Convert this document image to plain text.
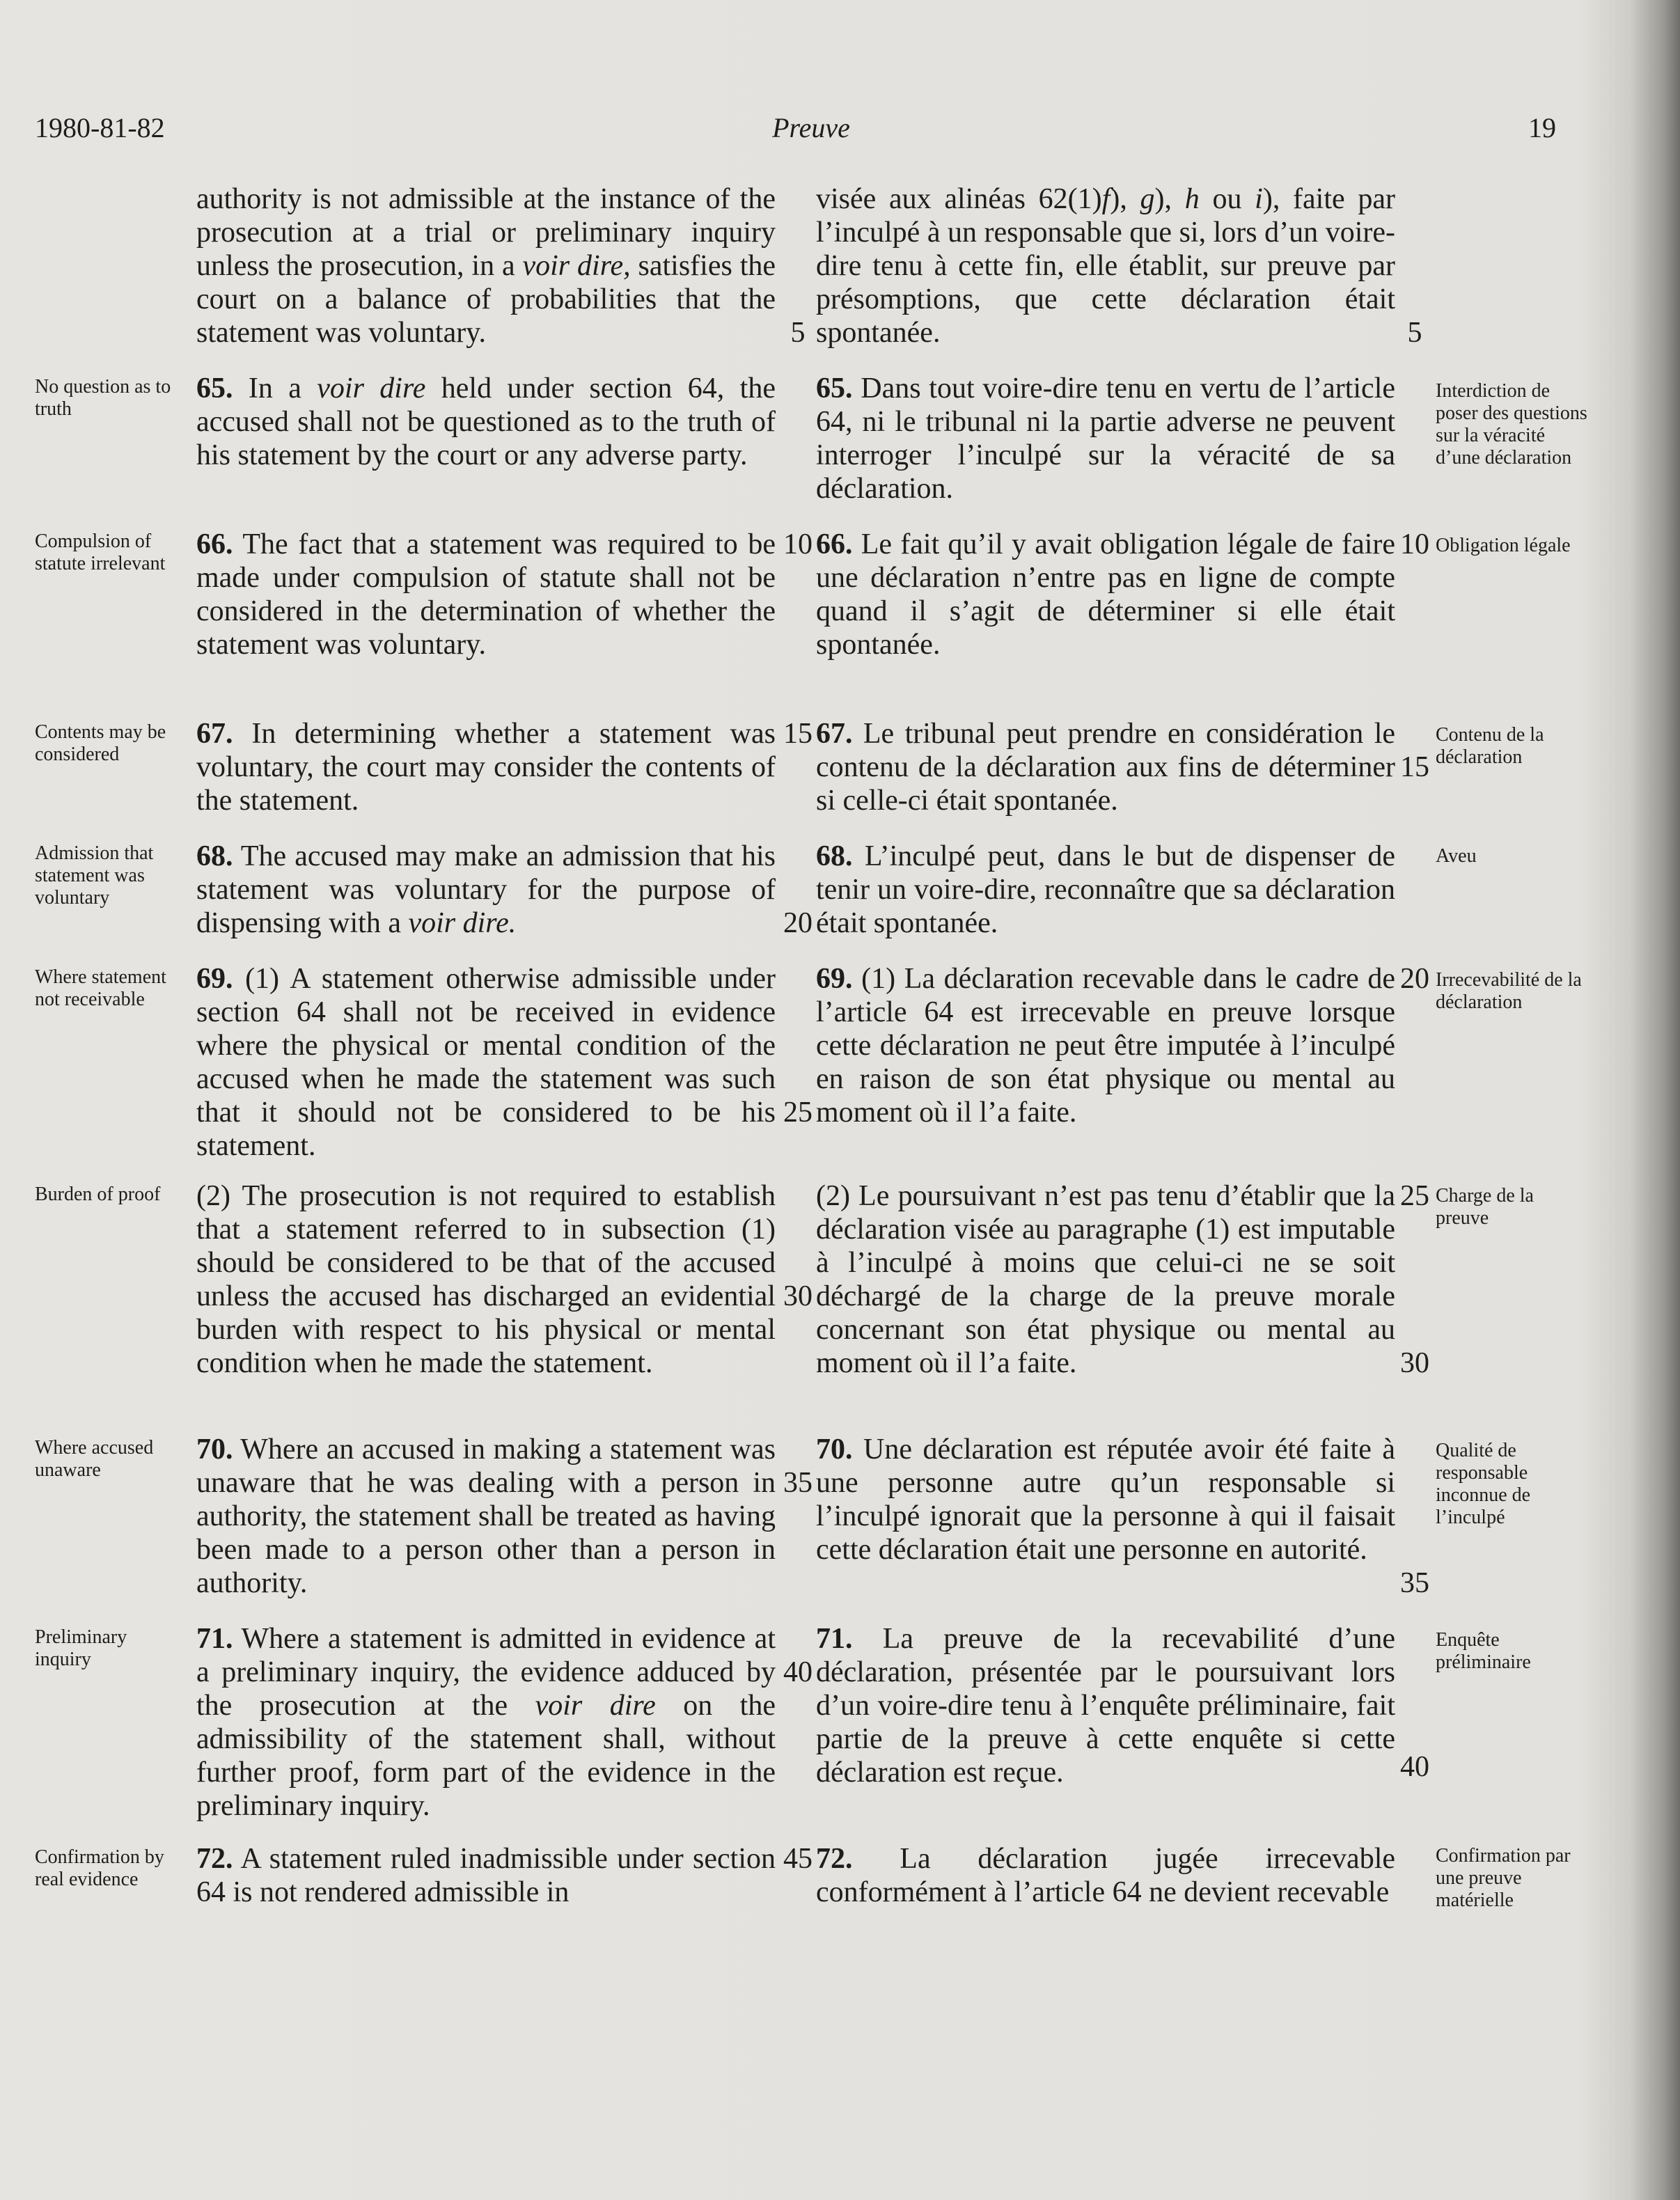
1980-81-82	Preuve	19

authority is not admissible at the instance of the prosecution at a trial or preliminary inquiry unless the prosecution, in a voir dire, satisfies the court on a balance of probabilities that the statement was voluntary.

65. In a voir dire held under section 64, the accused shall not be questioned as to the truth of his statement by the court or any adverse party.

66. The fact that a statement was required to be made under compulsion of statute shall not be considered in the determination of whether the statement was voluntary.

67. In determining whether a statement was voluntary, the court may consider the contents of the statement.

68. The accused may make an admission that his statement was voluntary for the purpose of dispensing with a voir dire.

69. (1) A statement otherwise admissible under section 64 shall not be received in evidence where the physical or mental condition of the accused when he made the statement was such that it should not be considered to be his statement.

(2) The prosecution is not required to establish that a statement referred to in subsection (1) should be considered to be that of the accused unless the accused has discharged an evidential burden with respect to his physical or mental condition when he made the statement.

70. Where an accused in making a statement was unaware that he was dealing with a person in authority, the statement shall be treated as having been made to a person other than a person in authority.

71. Where a statement is admitted in evidence at a preliminary inquiry, the evidence adduced by the prosecution at the voir dire on the admissibility of the statement shall, without further proof, form part of the evidence in the preliminary inquiry.

72. A statement ruled inadmissible under section 64 is not rendered admissible in

visée aux alinéas 62(1)f), g), h ou i), faite par l’inculpé à un responsable que si, lors d’un voire-dire tenu à cette fin, elle établit, sur preuve par présomptions, que cette déclaration était spontanée.

65. Dans tout voire-dire tenu en vertu de l’article 64, ni le tribunal ni la partie adverse ne peuvent interroger l’inculpé sur la véracité de sa déclaration.

66. Le fait qu’il y avait obligation légale de faire une déclaration n’entre pas en ligne de compte quand il s’agit de déterminer si elle était spontanée.

67. Le tribunal peut prendre en considération le contenu de la déclaration aux fins de déterminer si celle-ci était spontanée.

68. L’inculpé peut, dans le but de dispenser de tenir un voire-dire, reconnaître que sa déclaration était spontanée.

69. (1) La déclaration recevable dans le cadre de l’article 64 est irrecevable en preuve lorsque cette déclaration ne peut être imputée à l’inculpé en raison de son état physique ou mental au moment où il l’a faite.

(2) Le poursuivant n’est pas tenu d’établir que la déclaration visée au paragraphe (1) est imputable à l’inculpé à moins que celui-ci ne se soit déchargé de la charge de la preuve morale concernant son état physique ou mental au moment où il l’a faite.

70. Une déclaration est réputée avoir été faite à une personne autre qu’un responsable si l’inculpé ignorait que la personne à qui il faisait cette déclaration était une personne en autorité.

71. La preuve de la recevabilité d’une déclaration, présentée par le poursuivant lors d’un voire-dire tenu à l’enquête préliminaire, fait partie de la preuve à cette enquête si cette déclaration est reçue.

72. La déclaration jugée irrecevable conformément à l’article 64 ne devient recevable

No question as to truth
Compulsion of statute irrelevant
Contents may be considered
Admission that statement was voluntary
Where statement not receivable
Burden of proof
Where accused unaware
Preliminary inquiry
Confirmation by real evidence
Interdiction de poser des questions sur la véracité d’une déclaration
Obligation légale
Contenu de la déclaration
Aveu
Irrecevabilité de la déclaration
Charge de la preuve
Qualité de responsable inconnue de l’inculpé
Enquête préliminaire
Confirmation par une preuve matérielle
5
10
15
20
25
30
35
40
45
5
10
15
20
25
30
35
40
